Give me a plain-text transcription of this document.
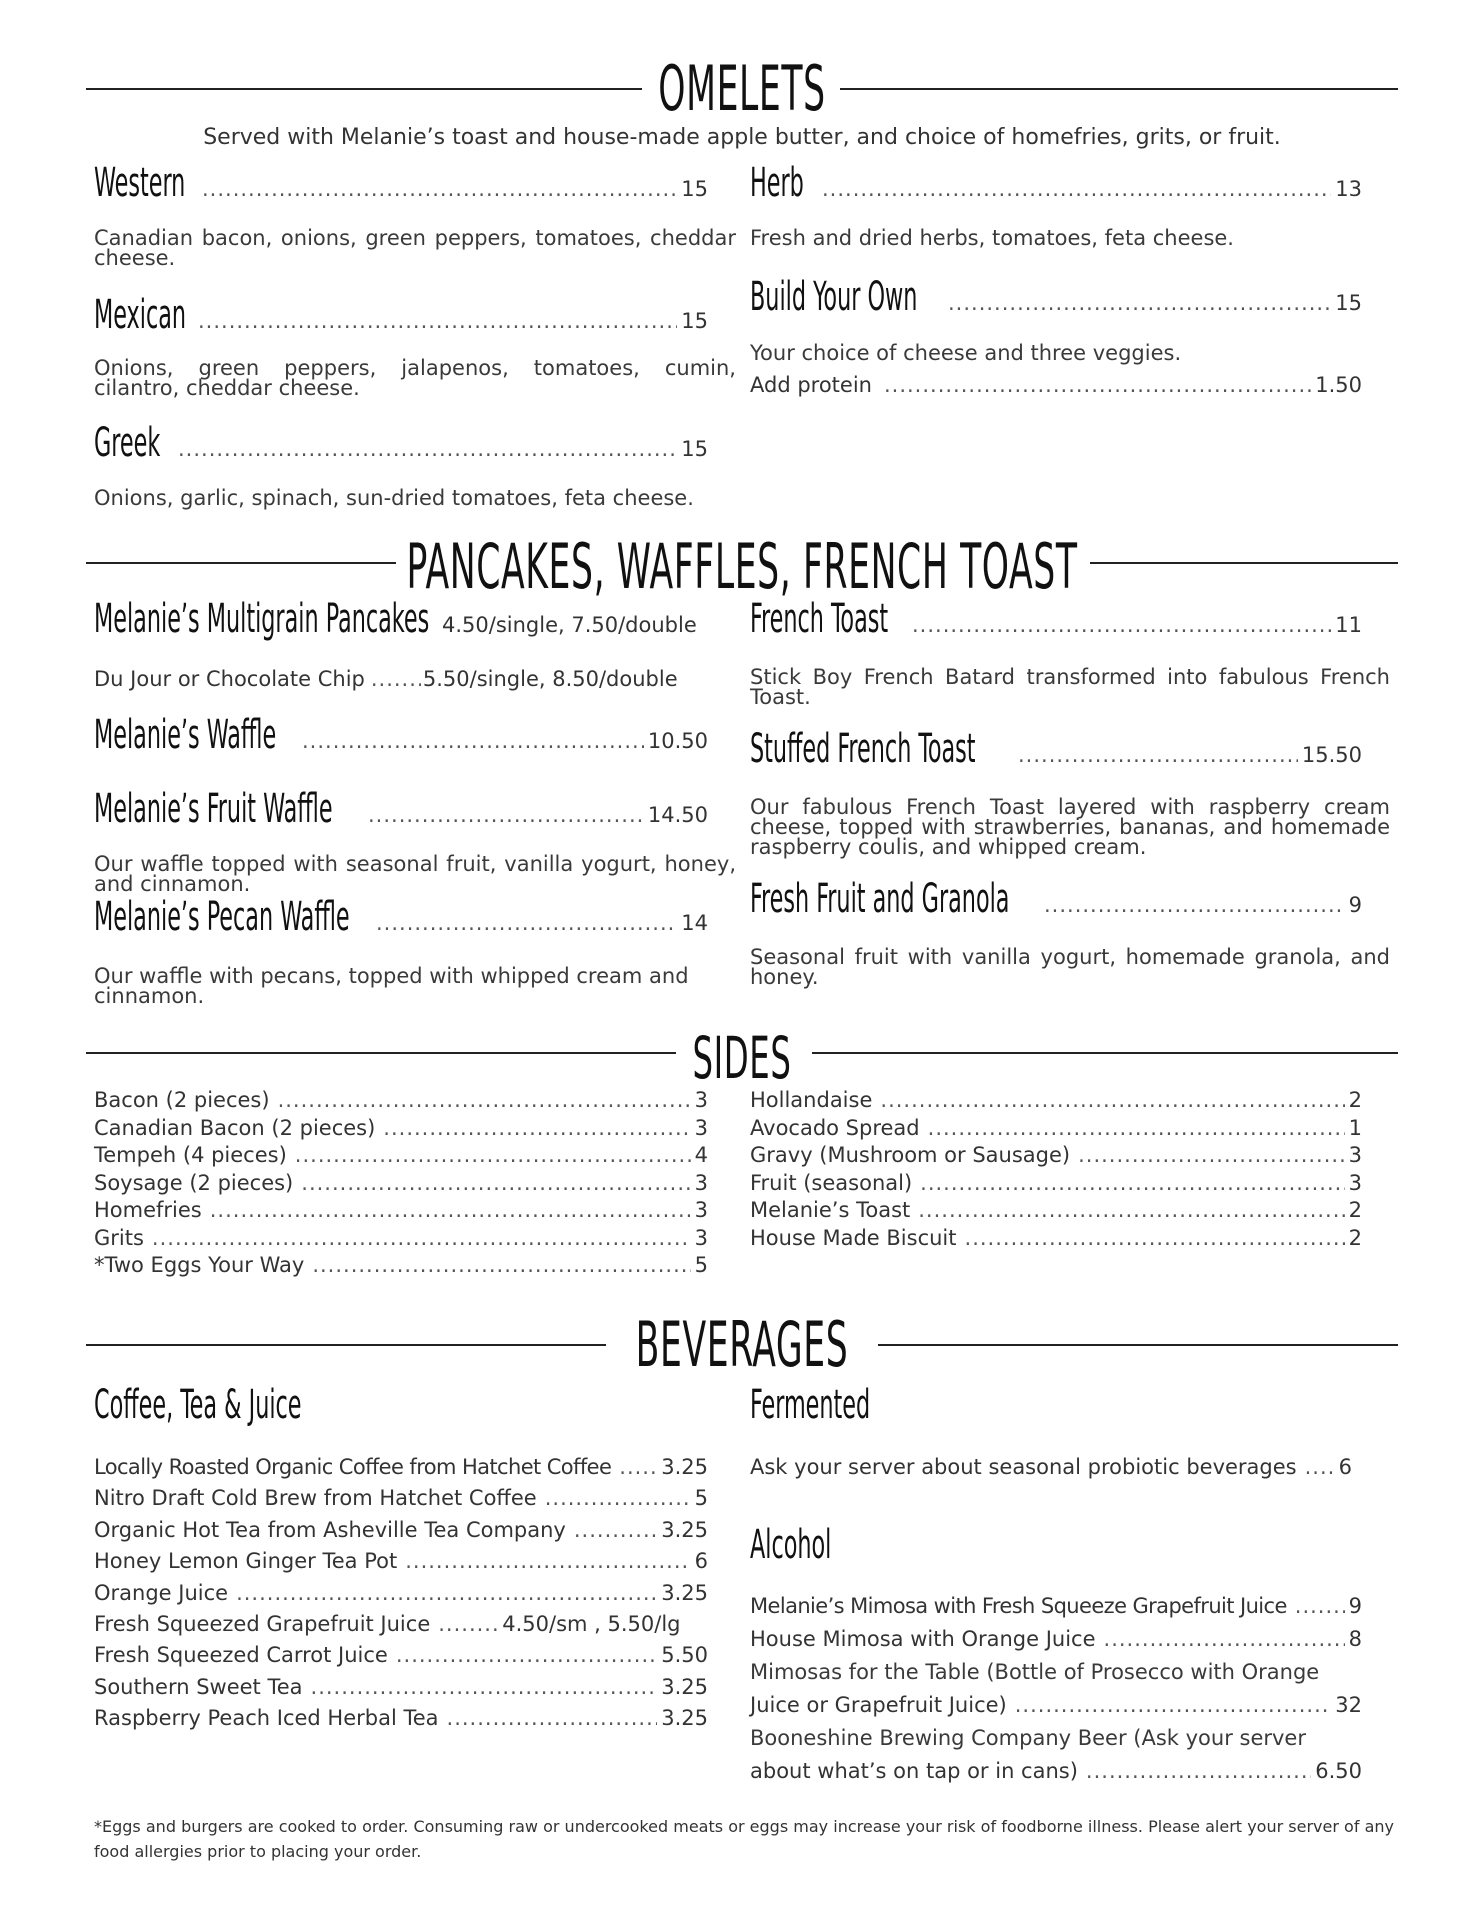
OMELETS
Served with Melanie’s toast and house-made apple butter, and choice of homefries, grits, or fruit.
Western .....	15
Canadian bacon, onions, green peppers, tomatoes, cheddar cheese.
Mexican .....	15
Onions, green peppers, jalapenos, tomatoes, cumin, cilantro, cheddar cheese.
Greek .....	15
Onions, garlic, spinach, sun-dried tomatoes, feta cheese.
Herb .....	13
Fresh and dried herbs, tomatoes, feta cheese.
Build Your Own .....	15
Your choice of cheese and three veggies.
Add protein .....	1.50
PANCAKES, WAFFLES, FRENCH TOAST
Melanie’s Multigrain Pancakes 4.50/single, 7.50/double
Du Jour or Chocolate Chip .....	5.50/single, 8.50/double
Melanie’s Waffle .....	10.50
Melanie’s Fruit Waffle .....	14.50
Our waffle topped with seasonal fruit, vanilla yogurt, honey, and cinnamon.
Melanie’s Pecan Waffle .....	14
Our waffle with pecans, topped with whipped cream and cinnamon.
French Toast .....	11
Stick Boy French Batard transformed into fabulous French Toast.
Stuffed French Toast .....	15.50
Our fabulous French Toast layered with raspberry cream cheese, topped with strawberries, bananas, and homemade raspberry coulis, and whipped cream.
Fresh Fruit and Granola .....	9
Seasonal fruit with vanilla yogurt, homemade granola, and honey.
SIDES
Bacon (2 pieces) .....	3
Canadian Bacon (2 pieces) .....	3
Tempeh (4 pieces) .....	4
Soysage (2 pieces) .....	3
Homefries .....	3
Grits .....	3
*Two Eggs Your Way .....	5
Hollandaise .....	2
Avocado Spread .....	1
Gravy (Mushroom or Sausage) .....	3
Fruit (seasonal) .....	3
Melanie’s Toast .....	2
House Made Biscuit .....	2
BEVERAGES
Coffee, Tea & Juice
Locally Roasted Organic Coffee from Hatchet Coffee ..... 3.25
Nitro Draft Cold Brew from Hatchet Coffee .....	5
Organic Hot Tea from Asheville Tea Company .....	3.25
Honey Lemon Ginger Tea Pot .....	6
Orange Juice .....	3.25
Fresh Squeezed Grapefruit Juice .....	4.50/sm , 5.50/lg
Fresh Squeezed Carrot Juice .....	5.50
Southern Sweet Tea .....	3.25
Raspberry Peach Iced Herbal Tea .....	3.25
Fermented
Ask your server about seasonal probiotic beverages ..... 6
Alcohol
Melanie’s Mimosa with Fresh Squeeze Grapefruit Juice .....	9
House Mimosa with Orange Juice .....	8
Mimosas for the Table (Bottle of Prosecco with Orange
Juice or Grapefruit Juice) .....	32
Booneshine Brewing Company Beer (Ask your server
about what’s on tap or in cans) .....	6.50
*Eggs and burgers are cooked to order. Consuming raw or undercooked meats or eggs may increase your risk of foodborne illness. Please alert your server of any food allergies prior to placing your order.
